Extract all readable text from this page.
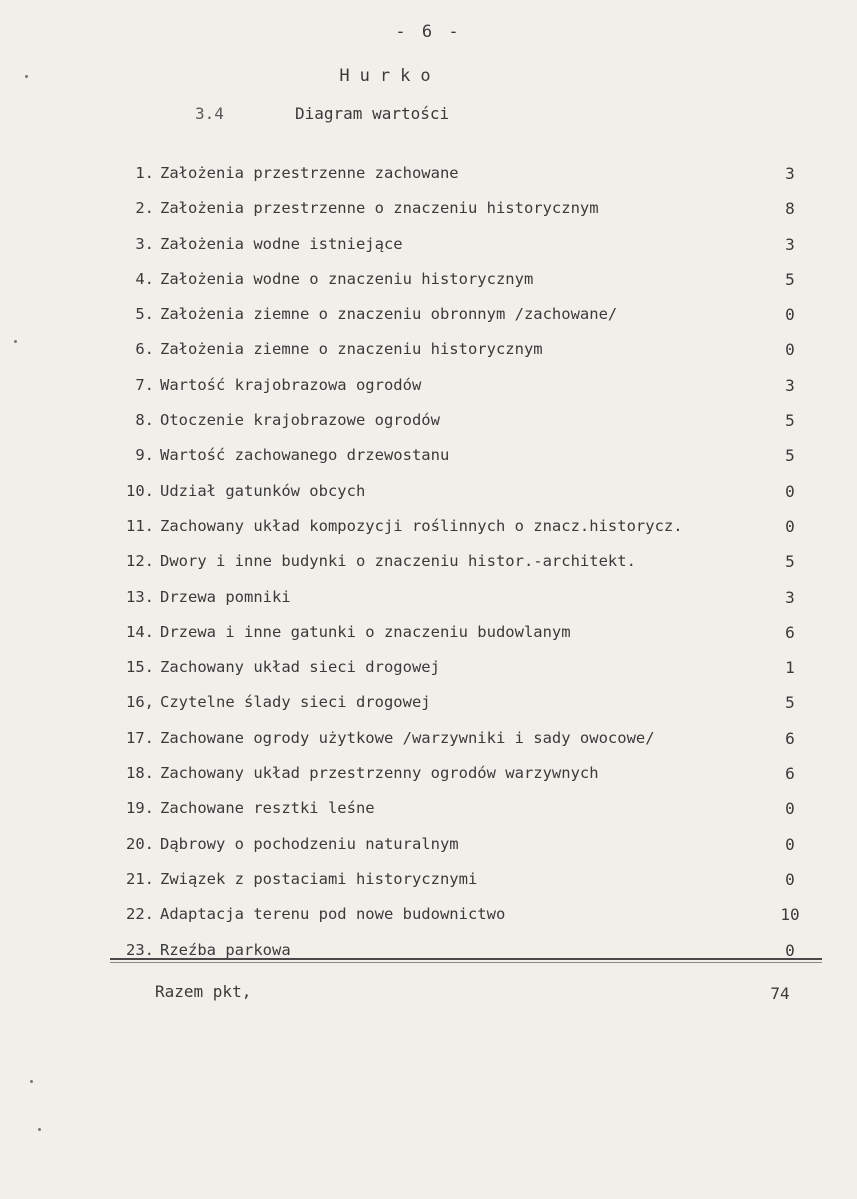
- 6 -
Hurko
3.4	Diagram wartości
1. Założenia przestrzenne zachowane	3
2. Założenia przestrzenne o znaczeniu historycznym	8
3. Założenia wodne istniejące	3
4. Założenia wodne o znaczeniu historycznym	5
5. Założenia ziemne o znaczeniu obronnym /zachowane/	0
6. Założenia ziemne o znaczeniu historycznym	0
7. Wartość krajobrazowa ogrodów	3
8. Otoczenie krajobrazowe ogrodów	5
9. Wartość zachowanego drzewostanu	5
10. Udział gatunków obcych	0
11. Zachowany układ kompozycji roślinnych o znacz.historycz.	0
12. Dwory i inne budynki o znaczeniu histor.-architekt.	5
13. Drzewa pomniki	3
14. Drzewa i inne gatunki o znaczeniu budowlanym	6
15. Zachowany układ sieci drogowej	1
16, Czytelne ślady sieci drogowej	5
17. Zachowane ogrody użytkowe /warzywniki i sady owocowe/	6
18. Zachowany układ przestrzenny ogrodów warzywnych	6
19. Zachowane resztki leśne	0
20. Dąbrowy o pochodzeniu naturalnym	0
21. Związek z postaciami historycznymi	0
22. Adaptacja terenu pod nowe budownictwo	10
23. Rzeźba parkowa	0
Razem pkt,	74
